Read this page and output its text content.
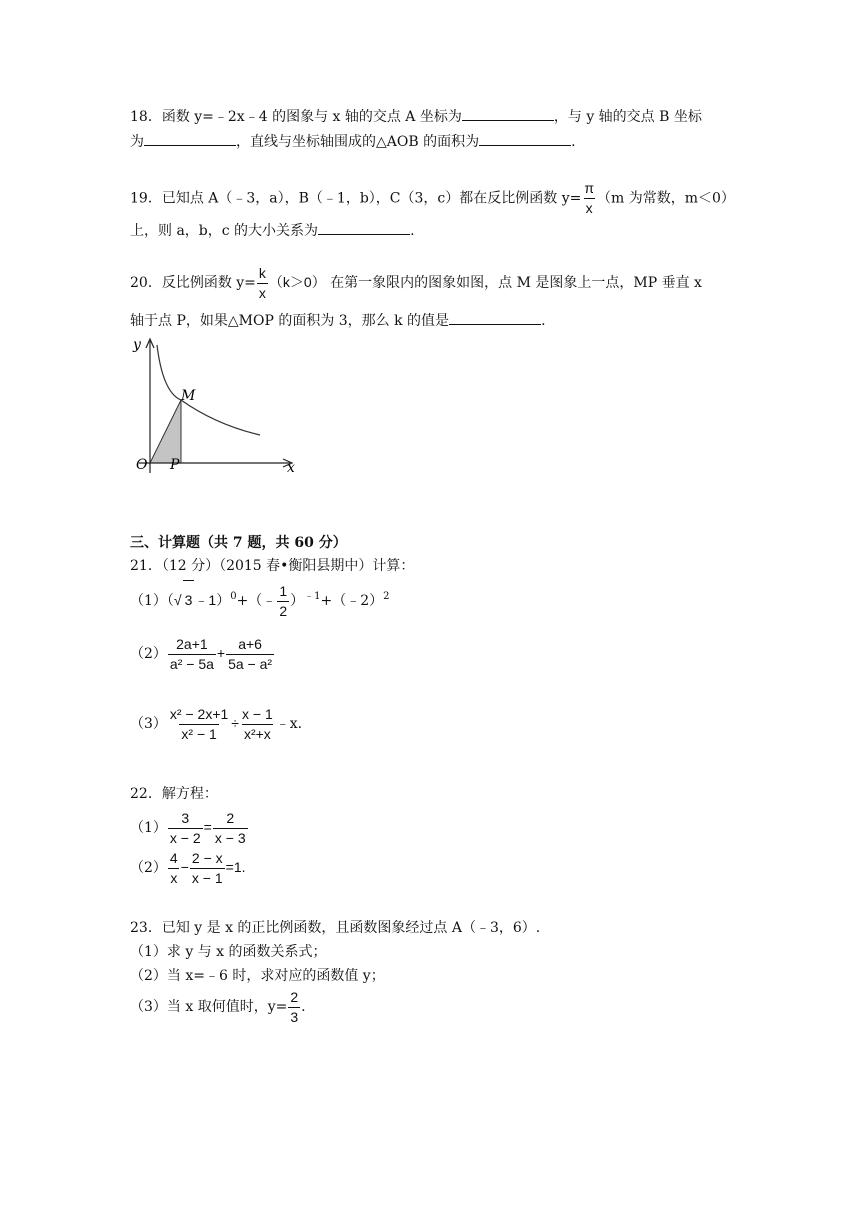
18．函数 y=﹣2x﹣4 的图象与 x 轴的交点 A 坐标为	，与 y 轴的交点 B 坐标
为	，直线与坐标轴围成的△AOB 的面积为	.
19．已知点 A（﹣3，a），B（﹣1，b），C（3，c）都在反比例函数 $y= \frac{\pi}{x} (m$ 为常数，m＜0）
上，则 a，b，c 的大小关系为	.
20．反比例函数 $y= \frac{k}{x} (k>0)$ 在第一象限内的图象如图，点 M 是图象上一点，MP 垂直 x
轴于点 P，如果△MOP 的面积为 3，那么 k 的值是	.
y
x
O P
M
三、计算题（共 7 题，共 60 分）
21．（12 分）（2015 春•衡阳县期中）计算：
（1）（√ 3 ﹣1）$^0$+（﹣ $\frac{1}{2}$ ）$^{﹣1}$+（﹣2）$^2$
$(2) \frac{2a+1}{\text{a² − 5a}} + \frac{a+6}{\text{5a − a²}}$
$(3) \frac{\text{x² − 2x+1}}{\text{x² − 1}} \div \frac{x - 1}{\text{x²+x}}$ ﹣x.
22．解方程：
$(1) \frac{3}{x - 2} = \frac{2}{x - 3}$
$(2) \frac{4}{x} - \frac{2 - x}{x - 1} =1$.
23．已知 y 是 x 的正比例函数，且函数图象经过点 A（﹣3，6）.
（1）求 y 与 x 的函数关系式；
（2）当 x=﹣6 时，求对应的函数值 y；
（3）当 x 取何值时，$y= \frac{2}{3}$ .
